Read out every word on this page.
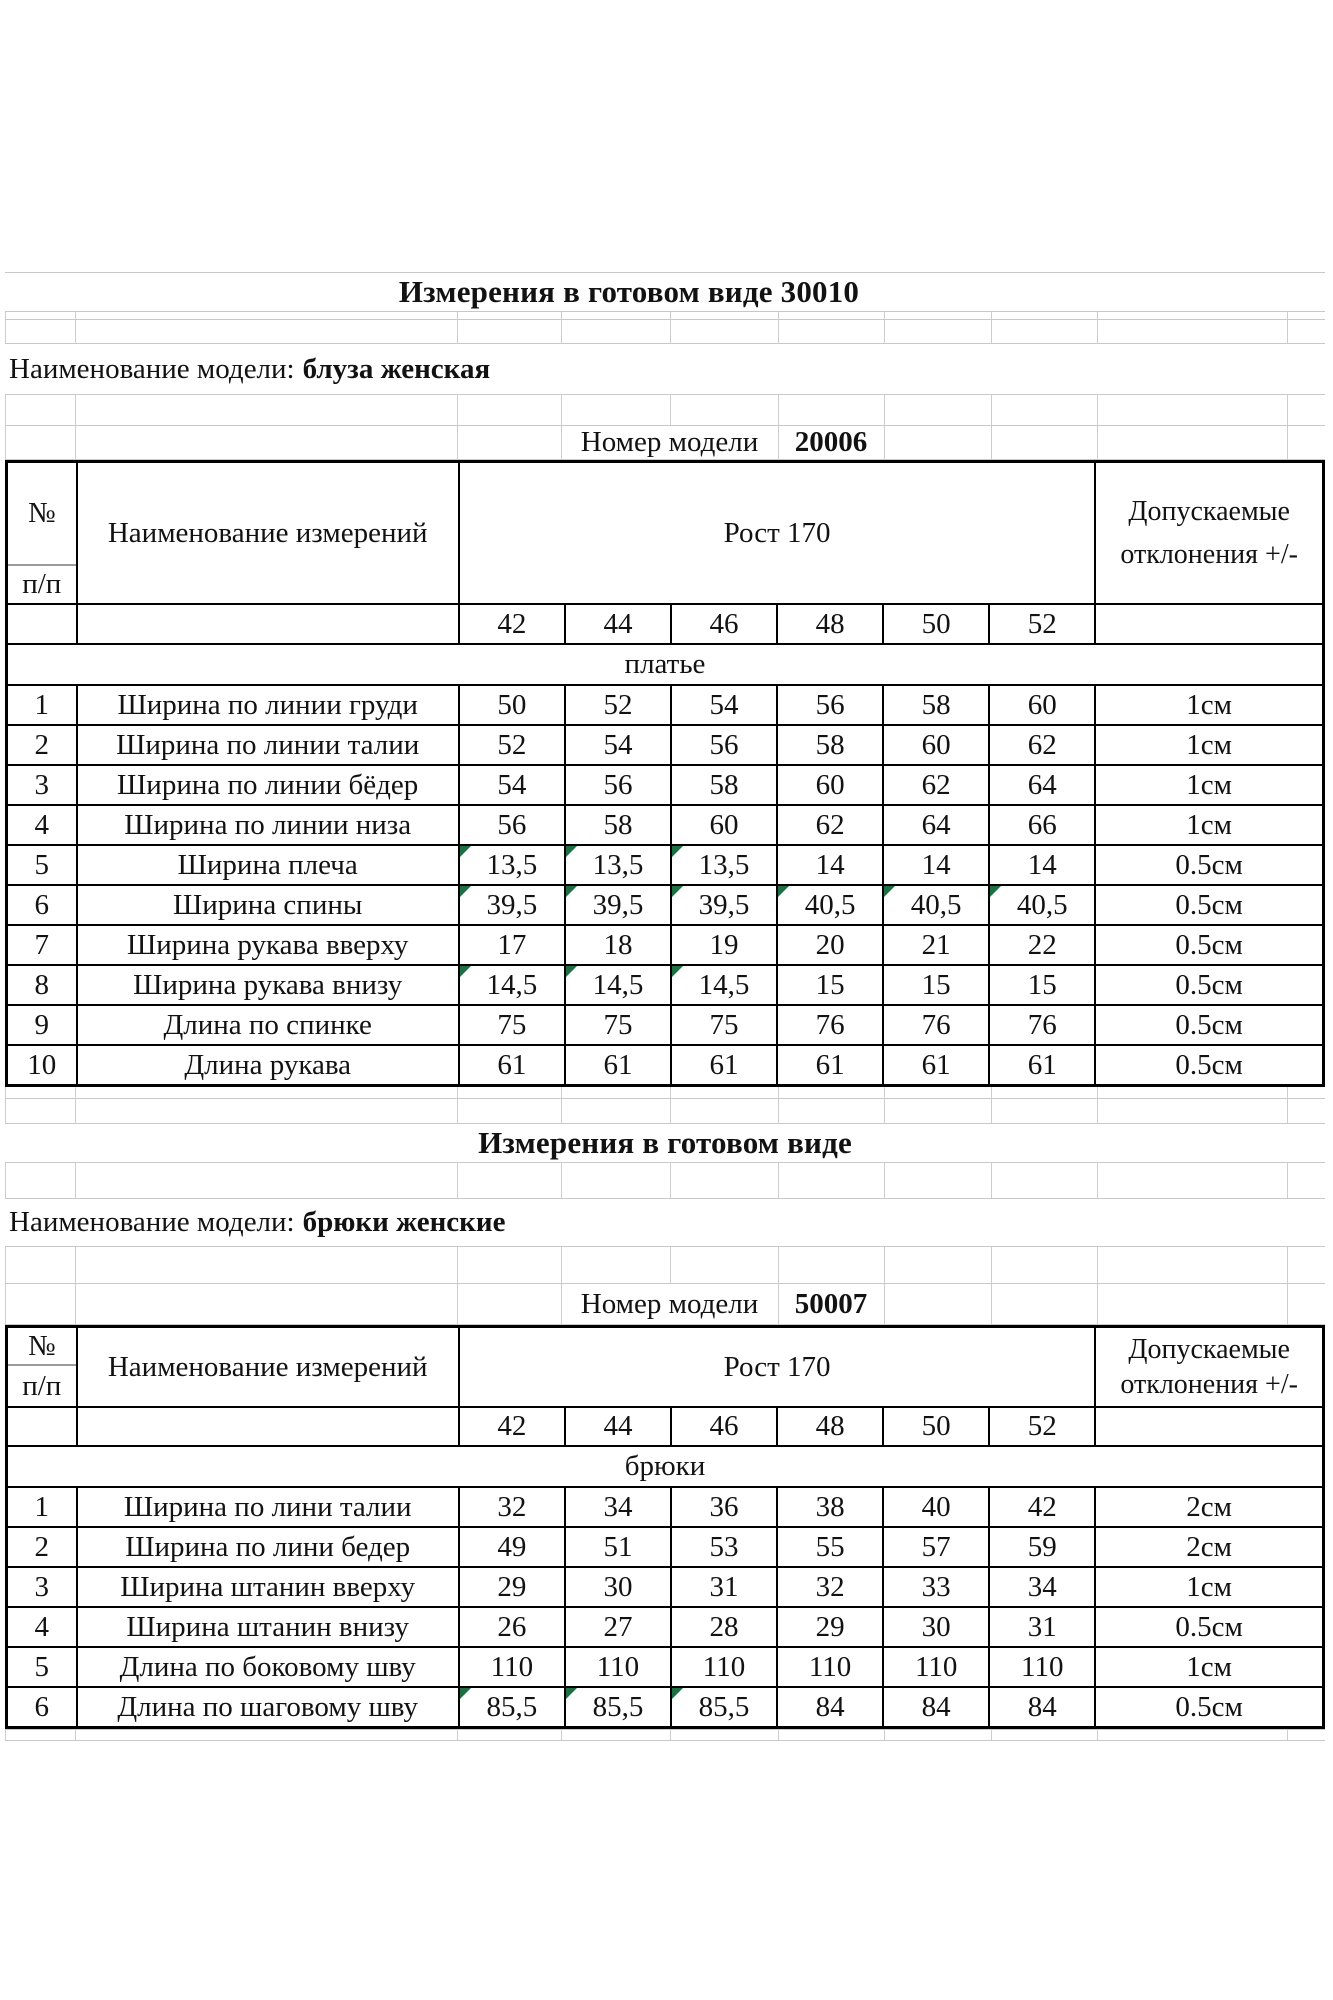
Измерения в готовом виде 30010
Наименование модели: блуза женская
Номер модели	20006
№
п/п
	Наименование измерений	Рост 170	
Допускаемые
отклонения +/-

		42	44	46	48	50	52	
платье								
1	Ширина по линии груди	50	52	54	56	58	60	1см
2	Ширина по линии талии	52	54	56	58	60	62	1см
3	Ширина по линии бёдер	54	56	58	60	62	64	1см
4	Ширина по линии низа	56	58	60	62	64	66	1см
5	Ширина плеча	13,5	13,5	13,5	14	14	14	0.5см
6	Ширина спины	39,5	39,5	39,5	40,5	40,5	40,5	0.5см
7	Ширина рукава вверху	17	18	19	20	21	22	0.5см
8	Ширина рукава внизу	14,5	14,5	14,5	15	15	15	0.5см
9	Длина по спинке	75	75	75	76	76	76	0.5см
10	Длина рукава	61	61	61	61	61	61	0.5см
Измерения в готовом виде
Наименование модели: брюки женские
Номер модели	50007
№
п/п
	Наименование измерений	Рост 170	
Допускаемые
отклонения +/-

		42	44	46	48	50	52	
брюки								
1	Ширина по лини талии	32	34	36	38	40	42	2см
2	Ширина по лини бедер	49	51	53	55	57	59	2см
3	Ширина штанин вверху	29	30	31	32	33	34	1см
4	Ширина штанин внизу	26	27	28	29	30	31	0.5см
5	Длина по боковому шву	110	110	110	110	110	110	1см
6	Длина по шаговому шву	85,5	85,5	85,5	84	84	84	0.5см
